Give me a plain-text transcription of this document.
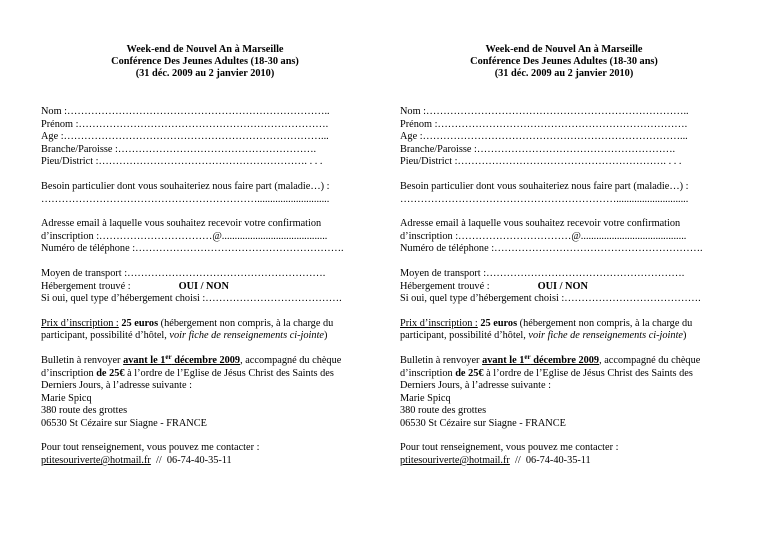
Week-end de Nouvel An à Marseille
Conférence Des Jeunes Adultes (18-30 ans)
(31 déc. 2009 au 2 janvier 2010)
Nom :…………………………………………………………………..
Prénom :……………………………………………………………….
Age :…………………………………………………………………...
Branche/Paroisse :………………………………………………….
Pieu/District :……………………………………………………. . . .
Besoin particulier dont vous souhaiteriez nous faire part (maladie…) :
………………………………………………………............................
Adresse email à laquelle vous souhaitez recevoir votre confirmation
d’inscription :……………………………@.........................................
Numéro de téléphone :…………………………………………………….
Moyen de transport :………………………………………………….
Hébergement trouvé :	OUI / NON
Si oui, quel type d’hébergement choisi :………………………………….
Prix d’inscription : 25 euros (hébergement non compris, à la charge du
participant, possibilité d’hôtel, voir fiche de renseignements ci-jointe)
Bulletin à renvoyer avant le 1er décembre 2009, accompagné du chèque
d’inscription de 25€ à l’ordre de l’Eglise de Jésus Christ des Saints des
Derniers Jours, à l’adresse suivante :
Marie Spicq
380 route des grottes
06530 St Cézaire sur Siagne - FRANCE
Pour tout renseignement, vous pouvez me contacter :
ptitesouriverte@hotmail.fr  //  06-74-40-35-11
Week-end de Nouvel An à Marseille
Conférence Des Jeunes Adultes (18-30 ans)
(31 déc. 2009 au 2 janvier 2010)
Nom :…………………………………………………………………..
Prénom :……………………………………………………………….
Age :…………………………………………………………………...
Branche/Paroisse :………………………………………………….
Pieu/District :……………………………………………………. . . .
Besoin particulier dont vous souhaiteriez nous faire part (maladie…) :
………………………………………………………............................
Adresse email à laquelle vous souhaitez recevoir votre confirmation
d’inscription :……………………………@.........................................
Numéro de téléphone :…………………………………………………….
Moyen de transport :………………………………………………….
Hébergement trouvé :	OUI / NON
Si oui, quel type d’hébergement choisi :………………………………….
Prix d’inscription : 25 euros (hébergement non compris, à la charge du
participant, possibilité d’hôtel, voir fiche de renseignements ci-jointe)
Bulletin à renvoyer avant le 1er décembre 2009, accompagné du chèque
d’inscription de 25€ à l’ordre de l’Eglise de Jésus Christ des Saints des
Derniers Jours, à l’adresse suivante :
Marie Spicq
380 route des grottes
06530 St Cézaire sur Siagne - FRANCE
Pour tout renseignement, vous pouvez me contacter :
ptitesouriverte@hotmail.fr  //  06-74-40-35-11
